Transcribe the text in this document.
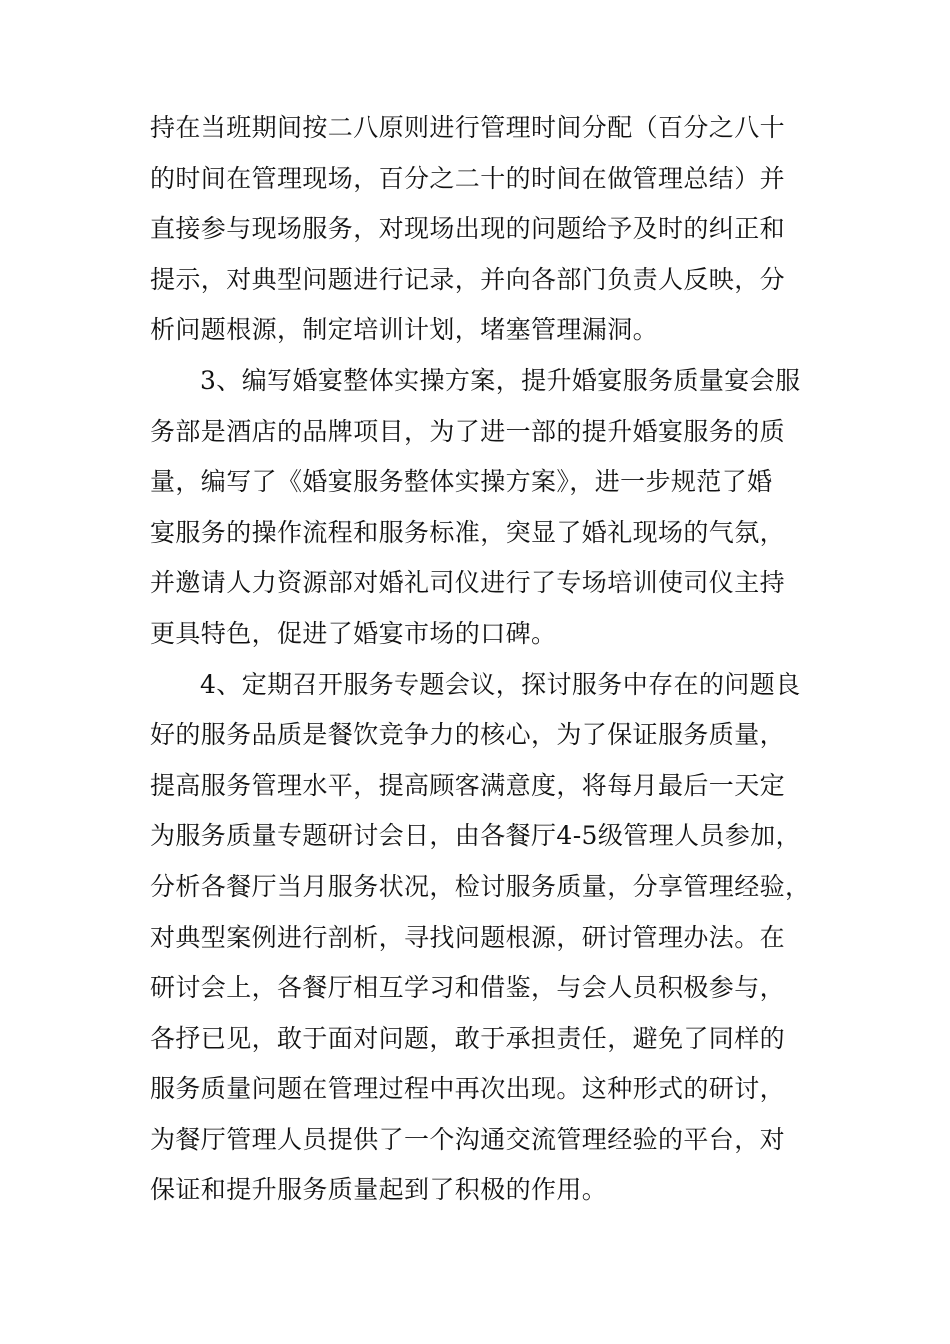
持在当班期间按二八原则进行管理时间分配（百分之八十
的时间在管理现场，百分之二十的时间在做管理总结）并
直接参与现场服务，对现场出现的问题给予及时的纠正和
提示，对典型问题进行记录，并向各部门负责人反映，分
析问题根源，制定培训计划，堵塞管理漏洞。
3、编写婚宴整体实操方案，提升婚宴服务质量宴会服
务部是酒店的品牌项目，为了进一部的提升婚宴服务的质
量，编写了《婚宴服务整体实操方案》，进一步规范了婚
宴服务的操作流程和服务标准，突显了婚礼现场的气氛，
并邀请人力资源部对婚礼司仪进行了专场培训使司仪主持
更具特色，促进了婚宴市场的口碑。
4、定期召开服务专题会议，探讨服务中存在的问题良
好的服务品质是餐饮竞争力的核心，为了保证服务质量，
提高服务管理水平，提高顾客满意度，将每月最后一天定
为服务质量专题研讨会日，由各餐厅4-5级管理人员参加，
分析各餐厅当月服务状况，检讨服务质量，分享管理经验，
对典型案例进行剖析，寻找问题根源，研讨管理办法。在
研讨会上，各餐厅相互学习和借鉴，与会人员积极参与，
各抒已见，敢于面对问题，敢于承担责任，避免了同样的
服务质量问题在管理过程中再次出现。这种形式的研讨，
为餐厅管理人员提供了一个沟通交流管理经验的平台，对
保证和提升服务质量起到了积极的作用。
